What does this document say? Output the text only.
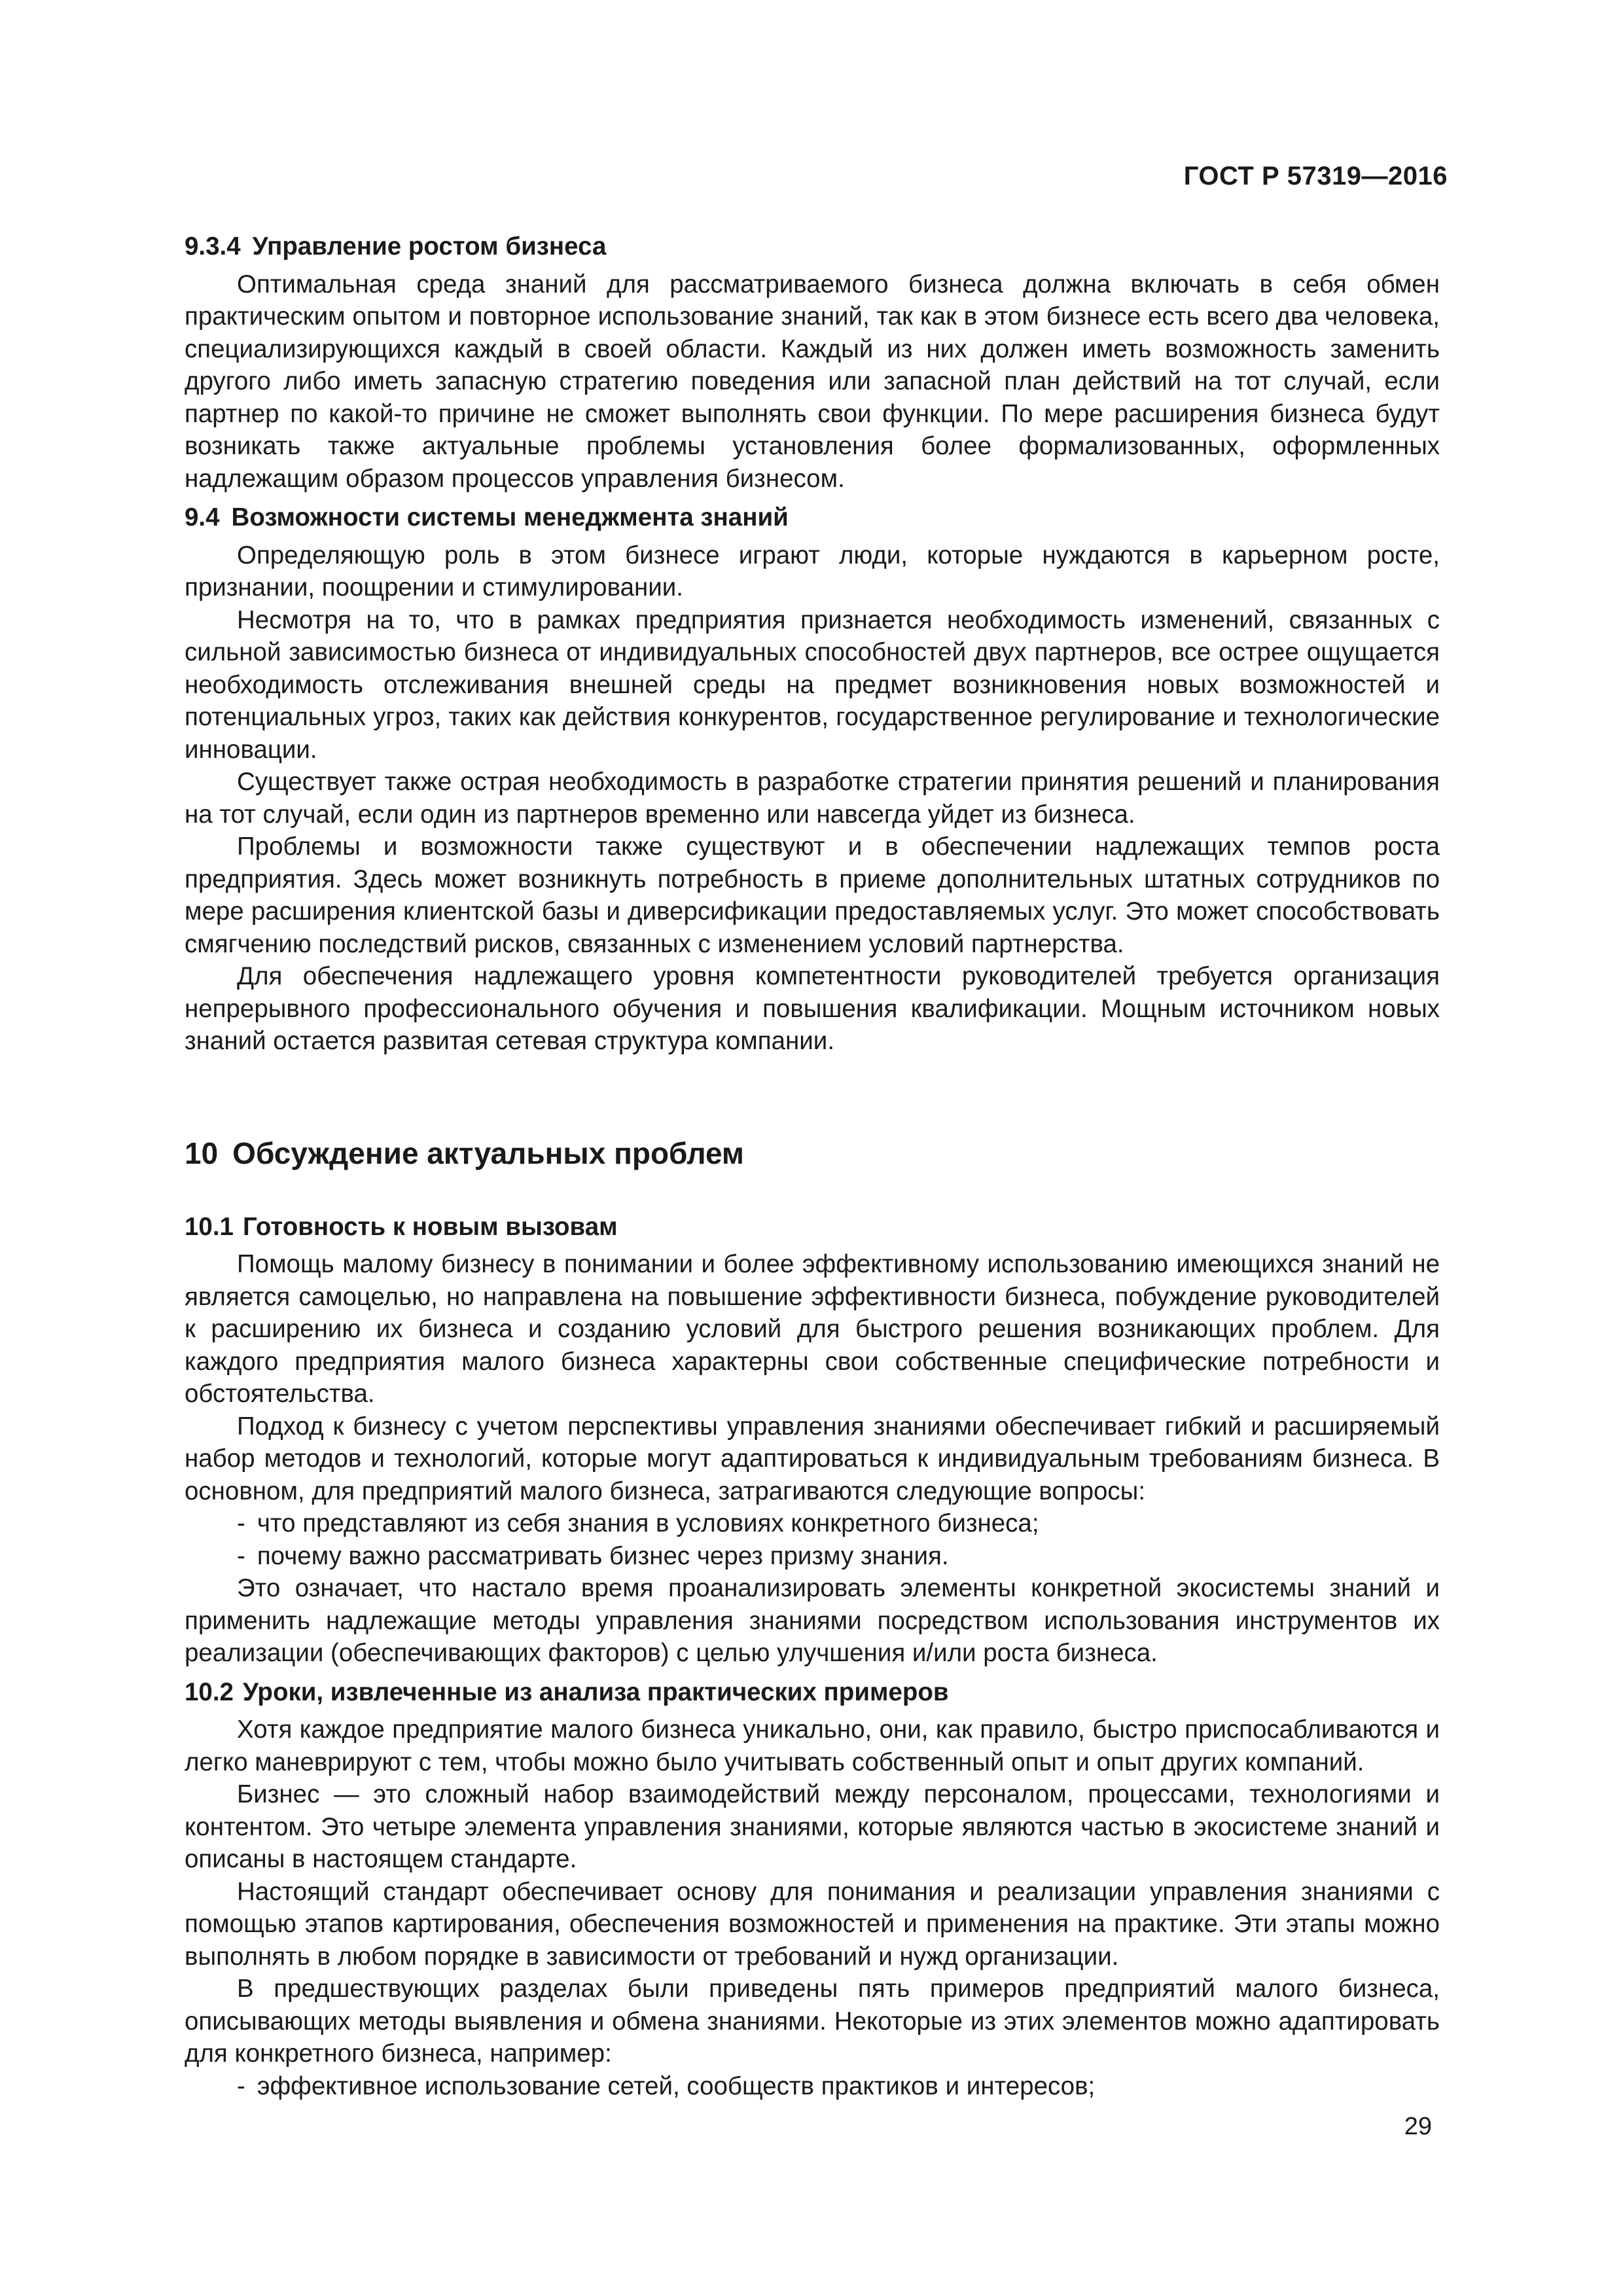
ГОСТ Р 57319—2016
9.3.4 Управление ростом бизнеса

Оптимальная среда знаний для рассматриваемого бизнеса должна включать в себя обмен практическим опытом и повторное использование знаний, так как в этом бизнесе есть всего два человека, специализирующихся каждый в своей области. Каждый из них должен иметь возможность заменить другого либо иметь запасную стратегию поведения или запасной план действий на тот случай, если партнер по какой-то причине не сможет выполнять свои функции. По мере расширения бизнеса будут возникать также актуальные проблемы установления более формализованных, оформленных надлежащим образом процессов управления бизнесом.

9.4 Возможности системы менеджмента знаний

Определяющую роль в этом бизнесе играют люди, которые нуждаются в карьерном росте, признании, поощрении и стимулировании.

Несмотря на то, что в рамках предприятия признается необходимость изменений, связанных с сильной зависимостью бизнеса от индивидуальных способностей двух партнеров, все острее ощущается необходимость отслеживания внешней среды на предмет возникновения новых возможностей и потенциальных угроз, таких как действия конкурентов, государственное регулирование и технологические инновации.

Существует также острая необходимость в разработке стратегии принятия решений и планирования на тот случай, если один из партнеров временно или навсегда уйдет из бизнеса.

Проблемы и возможности также существуют и в обеспечении надлежащих темпов роста предприятия. Здесь может возникнуть потребность в приеме дополнительных штатных сотрудников по мере расширения клиентской базы и диверсификации предоставляемых услуг. Это может способствовать смягчению последствий рисков, связанных с изменением условий партнерства.

Для обеспечения надлежащего уровня компетентности руководителей требуется организация непрерывного профессионального обучения и повышения квалификации. Мощным источником новых знаний остается развитая сетевая структура компании.

10 Обсуждение актуальных проблем
10.1 Готовность к новым вызовам

Помощь малому бизнесу в понимании и более эффективному использованию имеющихся знаний не является самоцелью, но направлена на повышение эффективности бизнеса, побуждение руководителей к расширению их бизнеса и созданию условий для быстрого решения возникающих проблем. Для каждого предприятия малого бизнеса характерны свои собственные специфические потребности и обстоятельства.

Подход к бизнесу с учетом перспективы управления знаниями обеспечивает гибкий и расширяемый набор методов и технологий, которые могут адаптироваться к индивидуальным требованиям бизнеса. В основном, для предприятий малого бизнеса, затрагиваются следующие вопросы:

- что представляют из себя знания в условиях конкретного бизнеса;
- почему важно рассматривать бизнес через призму знания.

Это означает, что настало время проанализировать элементы конкретной экосистемы знаний и применить надлежащие методы управления знаниями посредством использования инструментов их реализации (обеспечивающих факторов) с целью улучшения и/или роста бизнеса.

10.2 Уроки, извлеченные из анализа практических примеров

Хотя каждое предприятие малого бизнеса уникально, они, как правило, быстро приспосабливаются и легко маневрируют с тем, чтобы можно было учитывать собственный опыт и опыт других компаний.

Бизнес — это сложный набор взаимодействий между персоналом, процессами, технологиями и контентом. Это четыре элемента управления знаниями, которые являются частью в экосистеме знаний и описаны в настоящем стандарте.

Настоящий стандарт обеспечивает основу для понимания и реализации управления знаниями с помощью этапов картирования, обеспечения возможностей и применения на практике. Эти этапы можно выполнять в любом порядке в зависимости от требований и нужд организации.

В предшествующих разделах были приведены пять примеров предприятий малого бизнеса, описывающих методы выявления и обмена знаниями. Некоторые из этих элементов можно адаптировать для конкретного бизнеса, например:

- эффективное использование сетей, сообществ практиков и интересов;
29
